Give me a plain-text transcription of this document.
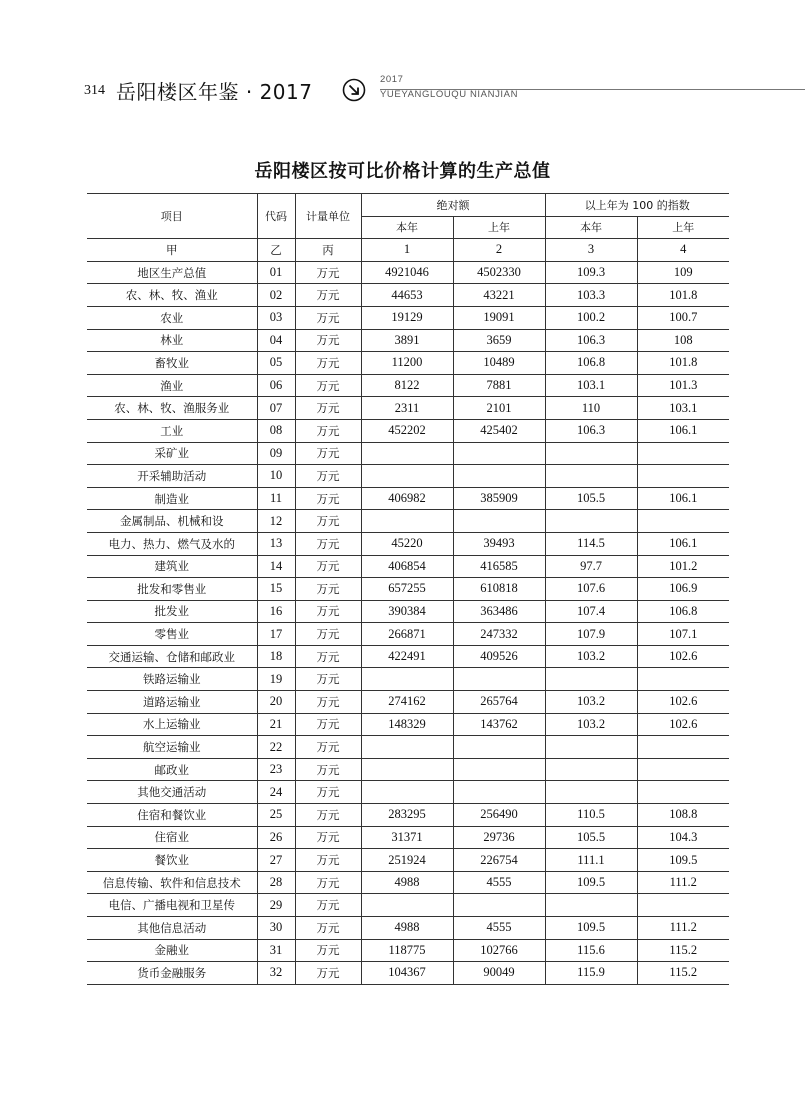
314 岳阳楼区年鉴 · 2017
2017
YUEYANGLOUQU NIANJIAN
岳阳楼区按可比价格计算的生产总值
项目	代码	计量单位	绝对额		以上年为 100 的指数	
			本年	上年	本年	上年
甲	乙	丙	1	2	3	4
地区生产总值	01	万元	4921046	4502330	109.3	109
农、林、牧、渔业	02	万元	44653	43221	103.3	101.8
农业	03	万元	19129	19091	100.2	100.7
林业	04	万元	3891	3659	106.3	108
畜牧业	05	万元	11200	10489	106.8	101.8
渔业	06	万元	8122	7881	103.1	101.3
农、林、牧、渔服务业	07	万元	2311	2101	110	103.1
工业	08	万元	452202	425402	106.3	106.1
采矿业	09	万元				
开采辅助活动	10	万元				
制造业	11	万元	406982	385909	105.5	106.1
金属制品、机械和设	12	万元				
电力、热力、燃气及水的	13	万元	45220	39493	114.5	106.1
建筑业	14	万元	406854	416585	97.7	101.2
批发和零售业	15	万元	657255	610818	107.6	106.9
批发业	16	万元	390384	363486	107.4	106.8
零售业	17	万元	266871	247332	107.9	107.1
交通运输、仓储和邮政业	18	万元	422491	409526	103.2	102.6
铁路运输业	19	万元				
道路运输业	20	万元	274162	265764	103.2	102.6
水上运输业	21	万元	148329	143762	103.2	102.6
航空运输业	22	万元				
邮政业	23	万元				
其他交通活动	24	万元				
住宿和餐饮业	25	万元	283295	256490	110.5	108.8
住宿业	26	万元	31371	29736	105.5	104.3
餐饮业	27	万元	251924	226754	111.1	109.5
信息传输、软件和信息技术	28	万元	4988	4555	109.5	111.2
电信、广播电视和卫星传	29	万元				
其他信息活动	30	万元	4988	4555	109.5	111.2
金融业	31	万元	118775	102766	115.6	115.2
货币金融服务	32	万元	104367	90049	115.9	115.2
